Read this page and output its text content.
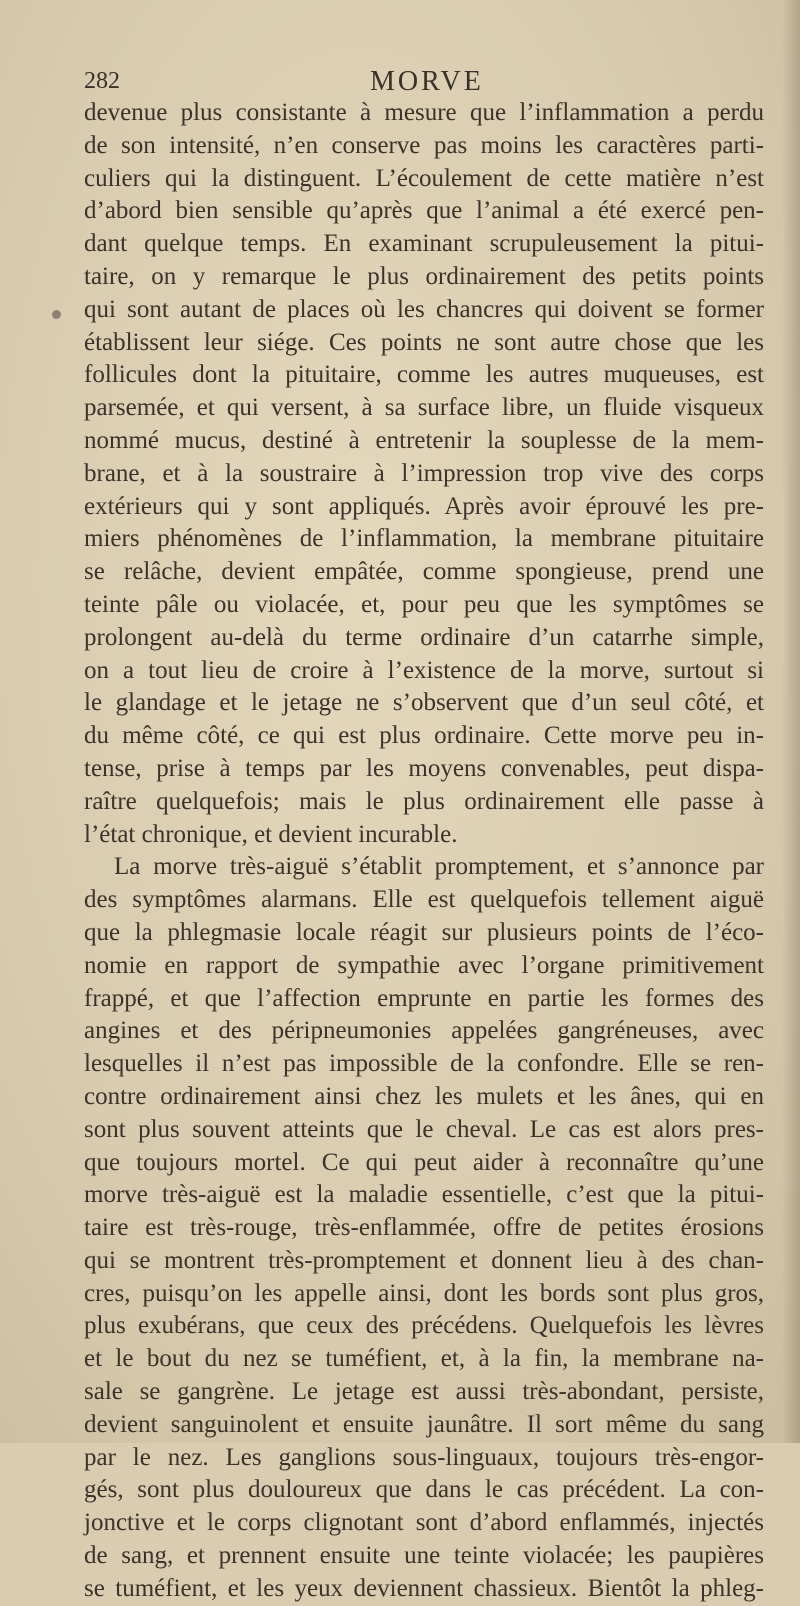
282	MORVE
devenue plus consistante à mesure que l’inflammation a perdu
de son intensité, n’en conserve pas moins les caractères parti-
culiers qui la distinguent. L’écoulement de cette matière n’est
d’abord bien sensible qu’après que l’animal a été exercé pen-
dant quelque temps. En examinant scrupuleusement la pitui-
taire, on y remarque le plus ordinairement des petits points
qui sont autant de places où les chancres qui doivent se former
établissent leur siége. Ces points ne sont autre chose que les
follicules dont la pituitaire, comme les autres muqueuses, est
parsemée, et qui versent, à sa surface libre, un fluide visqueux
nommé mucus, destiné à entretenir la souplesse de la mem-
brane, et à la soustraire à l’impression trop vive des corps
extérieurs qui y sont appliqués. Après avoir éprouvé les pre-
miers phénomènes de l’inflammation, la membrane pituitaire
se relâche, devient empâtée, comme spongieuse, prend une
teinte pâle ou violacée, et, pour peu que les symptômes se
prolongent au-delà du terme ordinaire d’un catarrhe simple,
on a tout lieu de croire à l’existence de la morve, surtout si
le glandage et le jetage ne s’observent que d’un seul côté, et
du même côté, ce qui est plus ordinaire. Cette morve peu in-
tense, prise à temps par les moyens convenables, peut dispa-
raître quelquefois; mais le plus ordinairement elle passe à
l’état chronique, et devient incurable.
La morve très-aiguë s’établit promptement, et s’annonce par
des symptômes alarmans. Elle est quelquefois tellement aiguë
que la phlegmasie locale réagit sur plusieurs points de l’éco-
nomie en rapport de sympathie avec l’organe primitivement
frappé, et que l’affection emprunte en partie les formes des
angines et des péripneumonies appelées gangréneuses, avec
lesquelles il n’est pas impossible de la confondre. Elle se ren-
contre ordinairement ainsi chez les mulets et les ânes, qui en
sont plus souvent atteints que le cheval. Le cas est alors pres-
que toujours mortel. Ce qui peut aider à reconnaître qu’une
morve très-aiguë est la maladie essentielle, c’est que la pitui-
taire est très-rouge, très-enflammée, offre de petites érosions
qui se montrent très-promptement et donnent lieu à des chan-
cres, puisqu’on les appelle ainsi, dont les bords sont plus gros,
plus exubérans, que ceux des précédens. Quelquefois les lèvres
et le bout du nez se tuméfient, et, à la fin, la membrane na-
sale se gangrène. Le jetage est aussi très-abondant, persiste,
devient sanguinolent et ensuite jaunâtre. Il sort même du sang
par le nez. Les ganglions sous-linguaux, toujours très-engor-
gés, sont plus douloureux que dans le cas précédent. La con-
jonctive et le corps clignotant sont d’abord enflammés, injectés
de sang, et prennent ensuite une teinte violacée; les paupières
se tuméfient, et les yeux deviennent chassieux. Bientôt la phleg-
